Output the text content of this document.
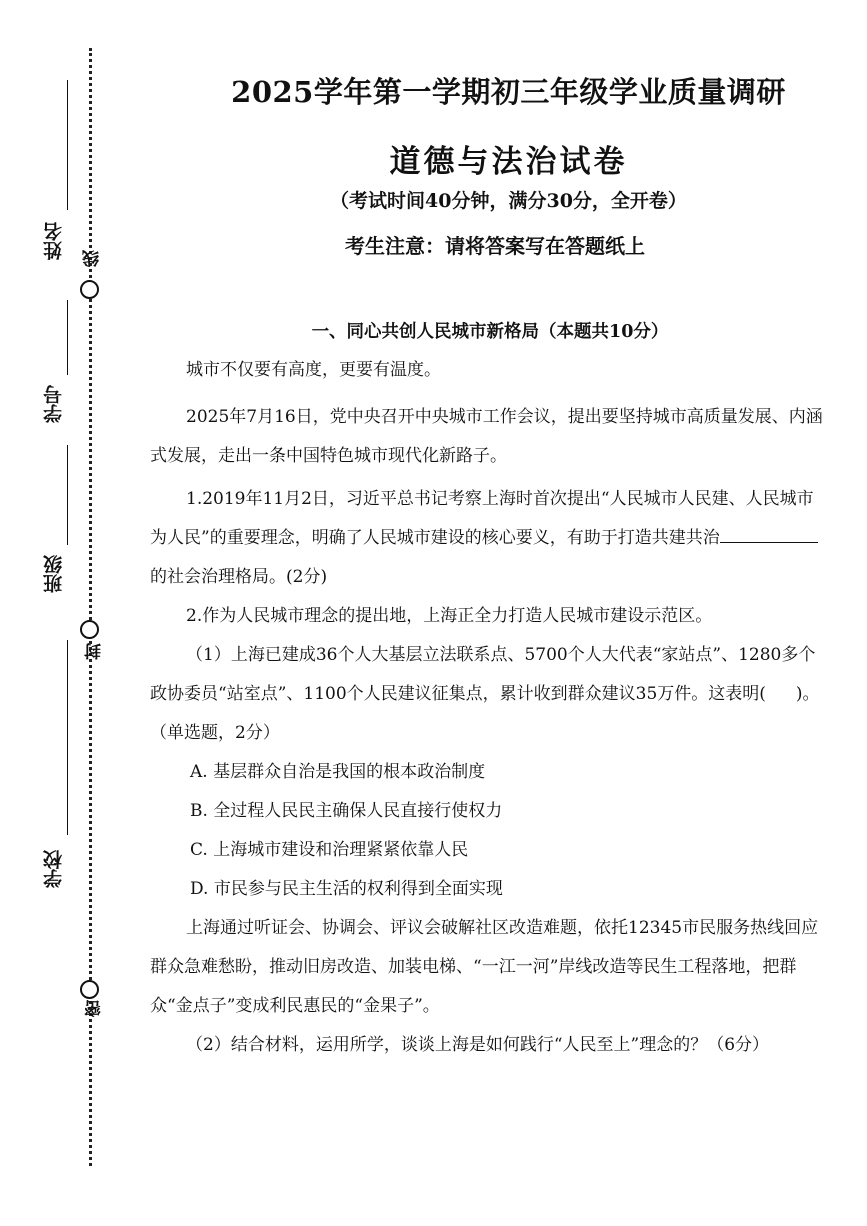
姓名 线
学号
班级
封
学校
密
2025学年第一学期初三年级学业质量调研
道德与法治试卷
（考试时间40分钟，满分30分，全开卷）
考生注意：请将答案写在答题纸上
一、同心共创人民城市新格局（本题共10分）

城市不仅要有高度，更要有温度。

2025年7月16日，党中央召开中央城市工作会议，提出要坚持城市高质量发展、内涵式发展，走出一条中国特色城市现代化新路子。

1.2019年11月2日，习近平总书记考察上海时首次提出“人民城市人民建、人民城市为人民”的重要理念，明确了人民城市建设的核心要义，有助于打造共建共治的社会治理格局。(2分)

2.作为人民城市理念的提出地，上海正全力打造人民城市建设示范区。

（1）上海已建成36个人大基层立法联系点、5700个人大代表“家站点”、1280多个政协委员“站室点”、1100个人民建议征集点，累计收到群众建议35万件。这表明( )。

（单选题，2分）

A. 基层群众自治是我国的根本政治制度

B. 全过程人民民主确保人民直接行使权力

C. 上海城市建设和治理紧紧依靠人民

D. 市民参与民主生活的权利得到全面实现

上海通过听证会、协调会、评议会破解社区改造难题，依托12345市民服务热线回应群众急难愁盼，推动旧房改造、加装电梯、“一江一河”岸线改造等民生工程落地，把群众“金点子”变成利民惠民的“金果子”。

（2）结合材料，运用所学，谈谈上海是如何践行“人民至上”理念的？（6分）
